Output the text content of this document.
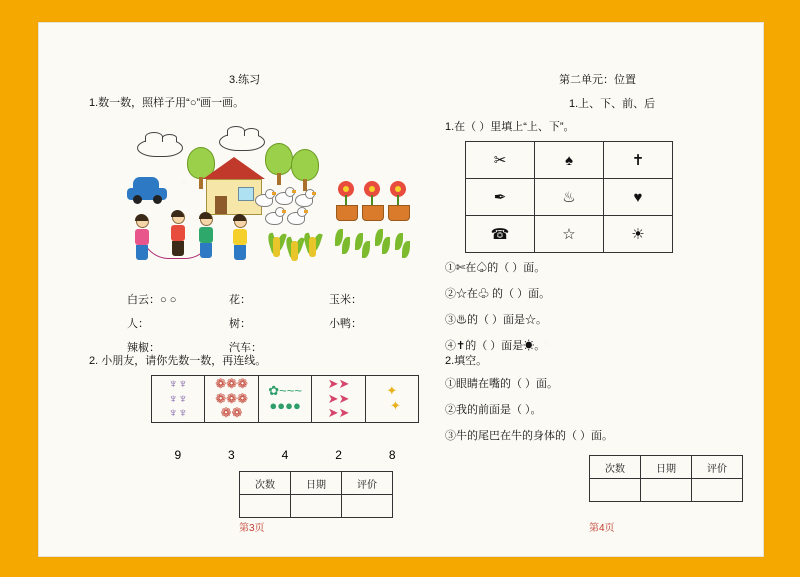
3.练习
1.数一数，照样子用“○”画一画。
白云：○ ○	花：	玉米：
人：	树：	小鸭：
辣椒：	汽车：
2. 小朋友，请你先数一数，再连线。
♆♆
♆♆
♆♆

❁❁❁
❁❁❁
❁❁

✿~~~
●●●●

➤➤
➤➤
➤➤

✦
✦
9	3	4	2	8
次数	日期	评价

第3页
第二单元：位置
1.上、下、前、后
1.在（ ）里填上“上、下”。
✂	♠	✝
✒	♨	♥
☎	☆	☀
①✄在♤的（ ）面。
②☆在♧ 的（ ）面。
③♨的（ ）面是☆。
④✝的（ ）面是☀。
2.填空。
①眼睛在嘴的（ ）面。
②我的前面是（ ）。
③牛的尾巴在牛的身体的（ ）面。
次数	日期	评价

第4页
